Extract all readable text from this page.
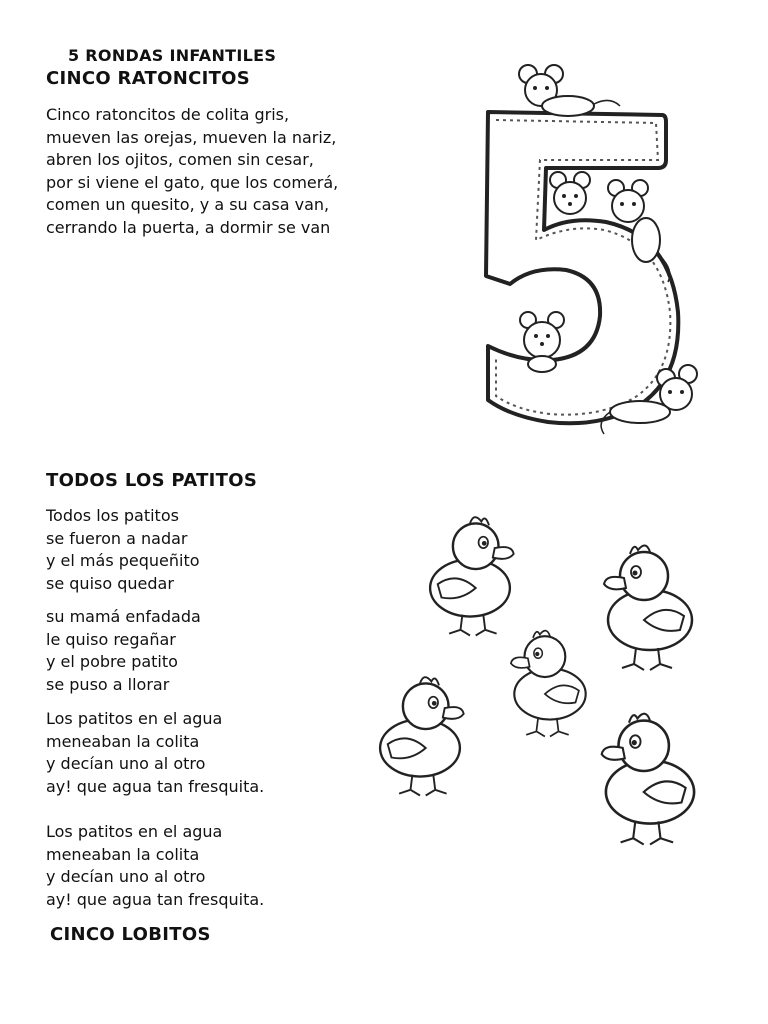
5 RONDAS INFANTILES
CINCO RATONCITOS
Cinco ratoncitos de colita gris,
mueven las orejas, mueven la nariz,
abren los ojitos, comen sin cesar,
por si viene el gato, que los comerá,
comen un quesito, y a su casa van,
cerrando la puerta, a dormir se van
TODOS LOS PATITOS
Todos los patitos
se fueron a nadar
y el más pequeñito
se quiso quedar
su mamá enfadada
le quiso regañar
y el pobre patito
se puso a llorar
Los patitos en el agua
meneaban la colita
y decían uno al otro
ay! que agua tan fresquita.
Los patitos en el agua
meneaban la colita
y decían uno al otro
ay! que agua tan fresquita.
CINCO LOBITOS
